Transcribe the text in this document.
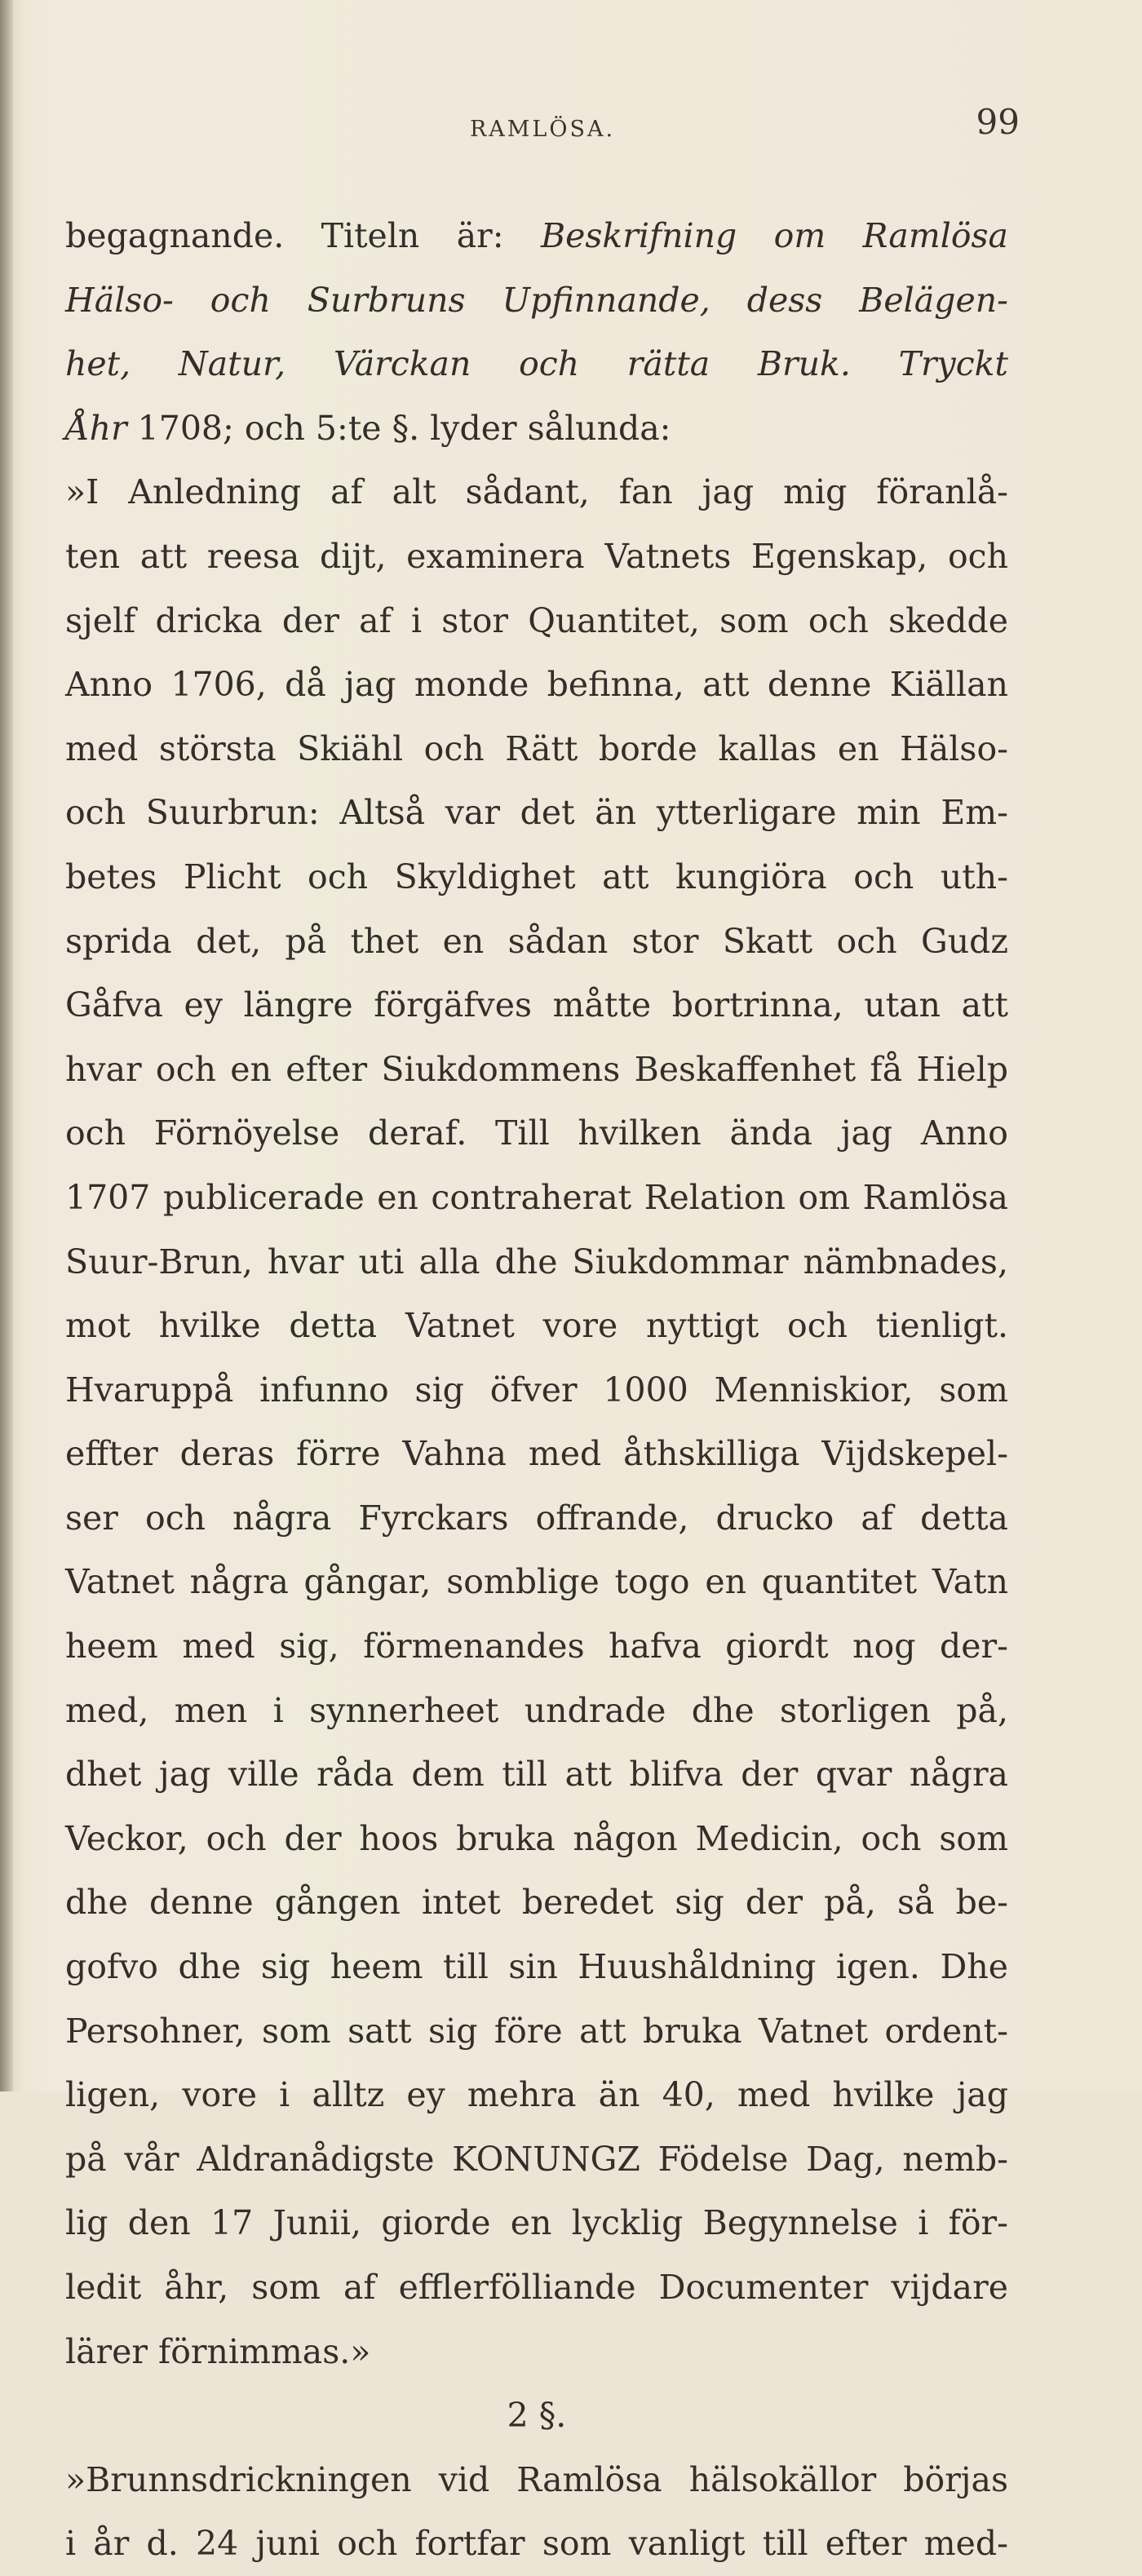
RAMLÖSA.	99
begagnande. Titeln är: Beskrifning om Ramlösa
Hälso- och Surbruns Upfinnande, dess Belägen-
het, Natur, Värckan och rätta Bruk. Tryckt
Åhr 1708; och 5:te §. lyder sålunda:
»I Anledning af alt sådant, fan jag mig föranlå-
ten att reesa dijt, examinera Vatnets Egenskap, och
sjelf dricka der af i stor Quantitet, som och skedde
Anno 1706, då jag monde befinna, att denne Kiällan
med största Skiähl och Rätt borde kallas en Hälso-
och Suurbrun: Altså var det än ytterligare min Em-
betes Plicht och Skyldighet att kungiöra och uth-
sprida det, på thet en sådan stor Skatt och Gudz
Gåfva ey längre förgäfves måtte bortrinna, utan att
hvar och en efter Siukdommens Beskaffenhet få Hielp
och Förnöyelse deraf. Till hvilken ända jag Anno
1707 publicerade en contraherat Relation om Ramlösa
Suur-Brun, hvar uti alla dhe Siukdommar nämbnades,
mot hvilke detta Vatnet vore nyttigt och tienligt.
Hvaruppå infunno sig öfver 1000 Menniskior, som
effter deras förre Vahna med åthskilliga Vijdskepel-
ser och några Fyrckars offrande, drucko af detta
Vatnet några gångar, somblige togo en quantitet Vatn
heem med sig, förmenandes hafva giordt nog der-
med, men i synnerheet undrade dhe storligen på,
dhet jag ville råda dem till att blifva der qvar några
Veckor, och der hoos bruka någon Medicin, och som
dhe denne gången intet beredet sig der på, så be-
gofvo dhe sig heem till sin Huushåldning igen. Dhe
Persohner, som satt sig före att bruka Vatnet ordent-
ligen, vore i alltz ey mehra än 40, med hvilke jag
på vår Aldranådigste KONUNGZ Födelse Dag, nemb-
lig den 17 Junii, giorde en lycklig Begynnelse i för-
ledit åhr, som af efflerfölliande Documenter vijdare
lärer förnimmas.»
2 §.
»Brunnsdrickningen vid Ramlösa hälsokällor börjas
i år d. 24 juni och fortfar som vanligt till efter med-
